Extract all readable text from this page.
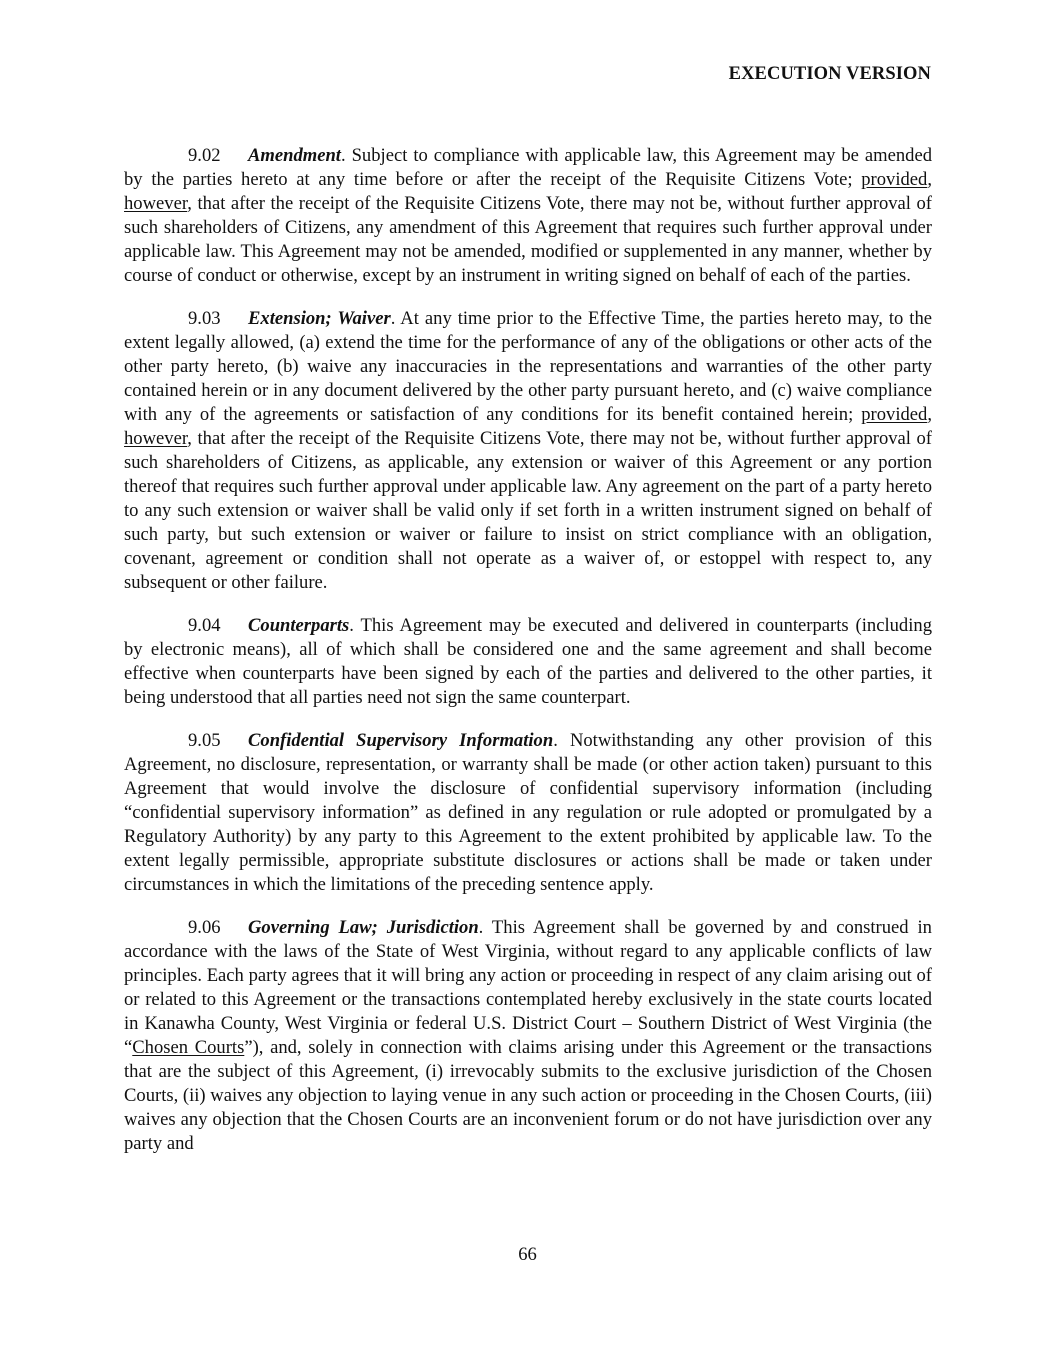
EXECUTION VERSION

9.02 Amendment. Subject to compliance with applicable law, this Agreement may be amended by the parties hereto at any time before or after the receipt of the Requisite Citizens Vote; provided, however, that after the receipt of the Requisite Citizens Vote, there may not be, without further approval of such shareholders of Citizens, any amendment of this Agreement that requires such further approval under applicable law. This Agreement may not be amended, modified or supplemented in any manner, whether by course of conduct or otherwise, except by an instrument in writing signed on behalf of each of the parties.

9.03 Extension; Waiver. At any time prior to the Effective Time, the parties hereto may, to the extent legally allowed, (a) extend the time for the performance of any of the obligations or other acts of the other party hereto, (b) waive any inaccuracies in the representations and warranties of the other party contained herein or in any document delivered by the other party pursuant hereto, and (c) waive compliance with any of the agreements or satisfaction of any conditions for its benefit contained herein; provided, however, that after the receipt of the Requisite Citizens Vote, there may not be, without further approval of such shareholders of Citizens, as applicable, any extension or waiver of this Agreement or any portion thereof that requires such further approval under applicable law. Any agreement on the part of a party hereto to any such extension or waiver shall be valid only if set forth in a written instrument signed on behalf of such party, but such extension or waiver or failure to insist on strict compliance with an obligation, covenant, agreement or condition shall not operate as a waiver of, or estoppel with respect to, any subsequent or other failure.

9.04 Counterparts. This Agreement may be executed and delivered in counterparts (including by electronic means), all of which shall be considered one and the same agreement and shall become effective when counterparts have been signed by each of the parties and delivered to the other parties, it being understood that all parties need not sign the same counterpart.

9.05 Confidential Supervisory Information. Notwithstanding any other provision of this Agreement, no disclosure, representation, or warranty shall be made (or other action taken) pursuant to this Agreement that would involve the disclosure of confidential supervisory information (including “confidential supervisory information” as defined in any regulation or rule adopted or promulgated by a Regulatory Authority) by any party to this Agreement to the extent prohibited by applicable law. To the extent legally permissible, appropriate substitute disclosures or actions shall be made or taken under circumstances in which the limitations of the preceding sentence apply.

9.06 Governing Law; Jurisdiction. This Agreement shall be governed by and construed in accordance with the laws of the State of West Virginia, without regard to any applicable conflicts of law principles. Each party agrees that it will bring any action or proceeding in respect of any claim arising out of or related to this Agreement or the transactions contemplated hereby exclusively in the state courts located in Kanawha County, West Virginia or federal U.S. District Court – Southern District of West Virginia (the “Chosen Courts”), and, solely in connection with claims arising under this Agreement or the transactions that are the subject of this Agreement, (i) irrevocably submits to the exclusive jurisdiction of the Chosen Courts, (ii) waives any objection to laying venue in any such action or proceeding in the Chosen Courts, (iii) waives any objection that the Chosen Courts are an inconvenient forum or do not have jurisdiction over any party and

66
